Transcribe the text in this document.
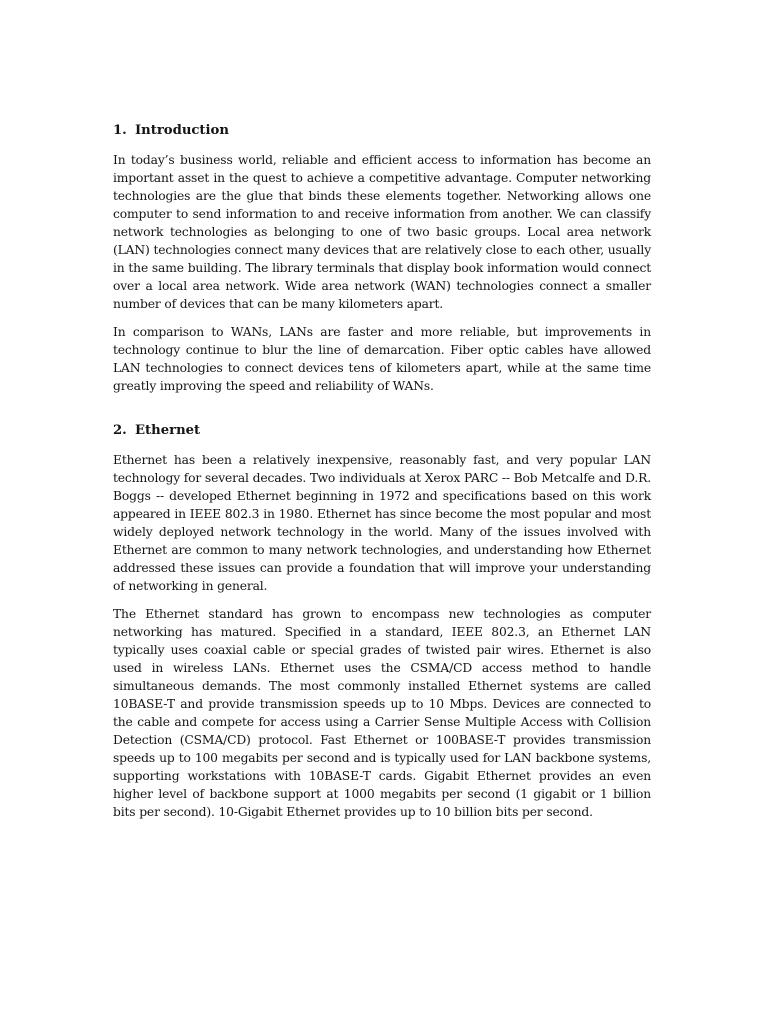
1. Introduction

In today’s business world, reliable and efficient access to information has become an important asset in the quest to achieve a competitive advantage. Computer networking technologies are the glue that binds these elements together. Networking allows one computer to send information to and receive information from another. We can classify network technologies as belonging to one of two basic groups. Local area network (LAN) technologies connect many devices that are relatively close to each other, usually in the same building. The library terminals that display book information would connect over a local area network. Wide area network (WAN) technologies connect a smaller number of devices that can be many kilometers apart.

In comparison to WANs, LANs are faster and more reliable, but improvements in technology continue to blur the line of demarcation. Fiber optic cables have allowed LAN technologies to connect devices tens of kilometers apart, while at the same time greatly improving the speed and reliability of WANs.

2. Ethernet

Ethernet has been a relatively inexpensive, reasonably fast, and very popular LAN technology for several decades. Two individuals at Xerox PARC -- Bob Metcalfe and D.R. Boggs -- developed Ethernet beginning in 1972 and specifications based on this work appeared in IEEE 802.3 in 1980. Ethernet has since become the most popular and most widely deployed network technology in the world. Many of the issues involved with Ethernet are common to many network technologies, and understanding how Ethernet addressed these issues can provide a foundation that will improve your understanding of networking in general.

The Ethernet standard has grown to encompass new technologies as computer networking has matured. Specified in a standard, IEEE 802.3, an Ethernet LAN typically uses coaxial cable or special grades of twisted pair wires. Ethernet is also used in wireless LANs. Ethernet uses the CSMA/CD access method to handle simultaneous demands. The most commonly installed Ethernet systems are called 10BASE-T and provide transmission speeds up to 10 Mbps. Devices are connected to the cable and compete for access using a Carrier Sense Multiple Access with Collision Detection (CSMA/CD) protocol. Fast Ethernet or 100BASE-T provides transmission speeds up to 100 megabits per second and is typically used for LAN backbone systems, supporting workstations with 10BASE-T cards. Gigabit Ethernet provides an even higher level of backbone support at 1000 megabits per second (1 gigabit or 1 billion bits per second). 10-Gigabit Ethernet provides up to 10 billion bits per second.
